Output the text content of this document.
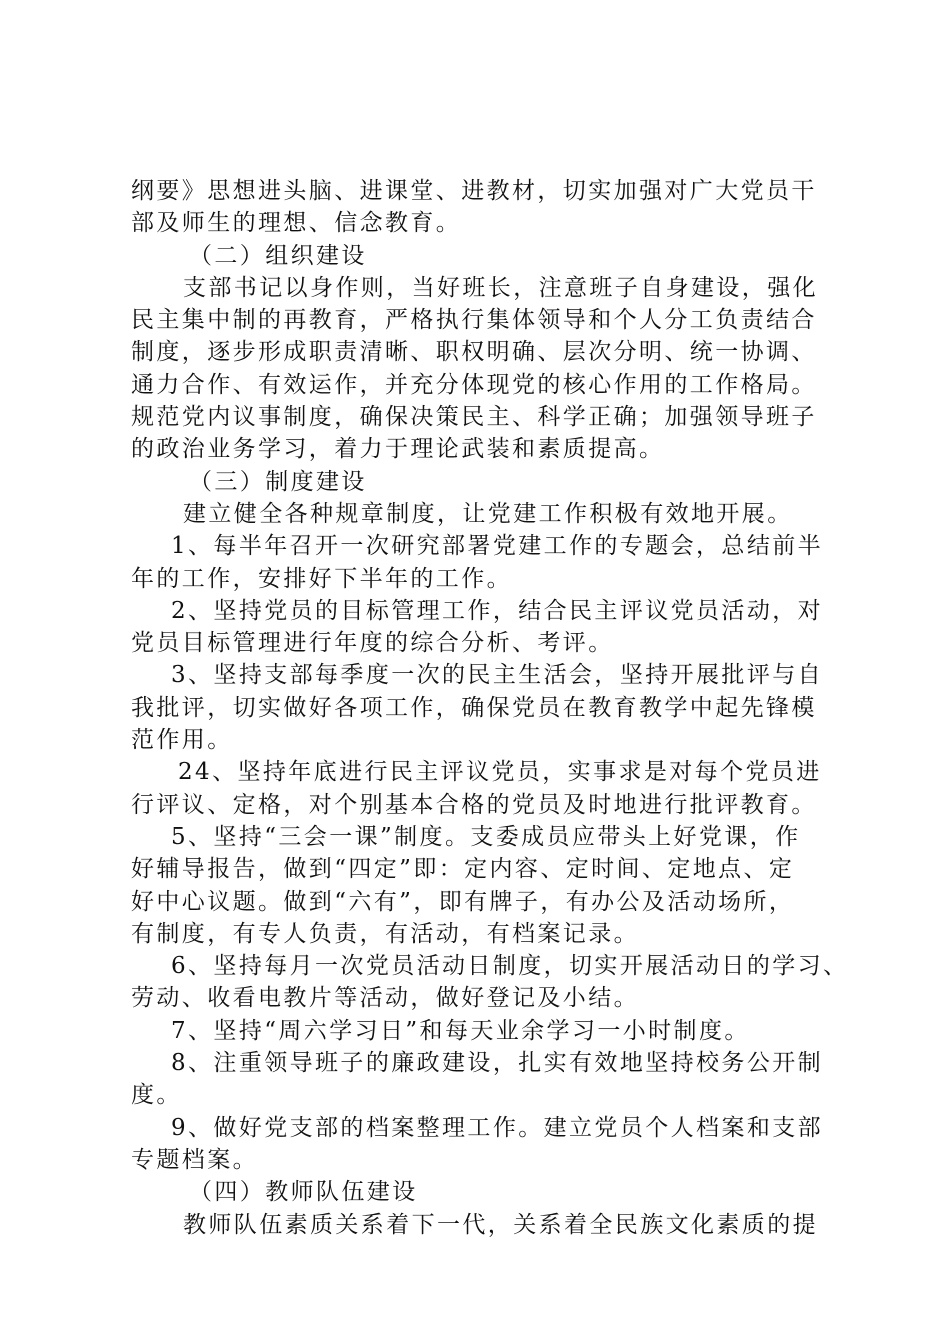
纲要》思想进头脑、进课堂、进教材，切实加强对广大党员干
部及师生的理想、信念教育。
（二）组织建设
支部书记以身作则，当好班长，注意班子自身建设，强化
民主集中制的再教育，严格执行集体领导和个人分工负责结合
制度，逐步形成职责清晰、职权明确、层次分明、统一协调、
通力合作、有效运作，并充分体现党的核心作用的工作格局。
规范党内议事制度，确保决策民主、科学正确；加强领导班子
的政治业务学习，着力于理论武装和素质提高。
（三）制度建设
建立健全各种规章制度，让党建工作积极有效地开展。
1、每半年召开一次研究部署党建工作的专题会，总结前半
年的工作，安排好下半年的工作。
2、坚持党员的目标管理工作，结合民主评议党员活动，对
党员目标管理进行年度的综合分析、考评。
3、坚持支部每季度一次的民主生活会，坚持开展批评与自
我批评，切实做好各项工作，确保党员在教育教学中起先锋模
范作用。
24、坚持年底进行民主评议党员，实事求是对每个党员进
行评议、定格，对个别基本合格的党员及时地进行批评教育。
5、坚持“三会一课”制度。支委成员应带头上好党课，作
好辅导报告，做到“四定”即：定内容、定时间、定地点、定
好中心议题。做到“六有”，即有牌子，有办公及活动场所，
有制度，有专人负责，有活动，有档案记录。
6、坚持每月一次党员活动日制度，切实开展活动日的学习、
劳动、收看电教片等活动，做好登记及小结。
7、坚持“周六学习日”和每天业余学习一小时制度。
8、注重领导班子的廉政建设，扎实有效地坚持校务公开制
度。
9、做好党支部的档案整理工作。建立党员个人档案和支部
专题档案。
（四）教师队伍建设
教师队伍素质关系着下一代，关系着全民族文化素质的提
